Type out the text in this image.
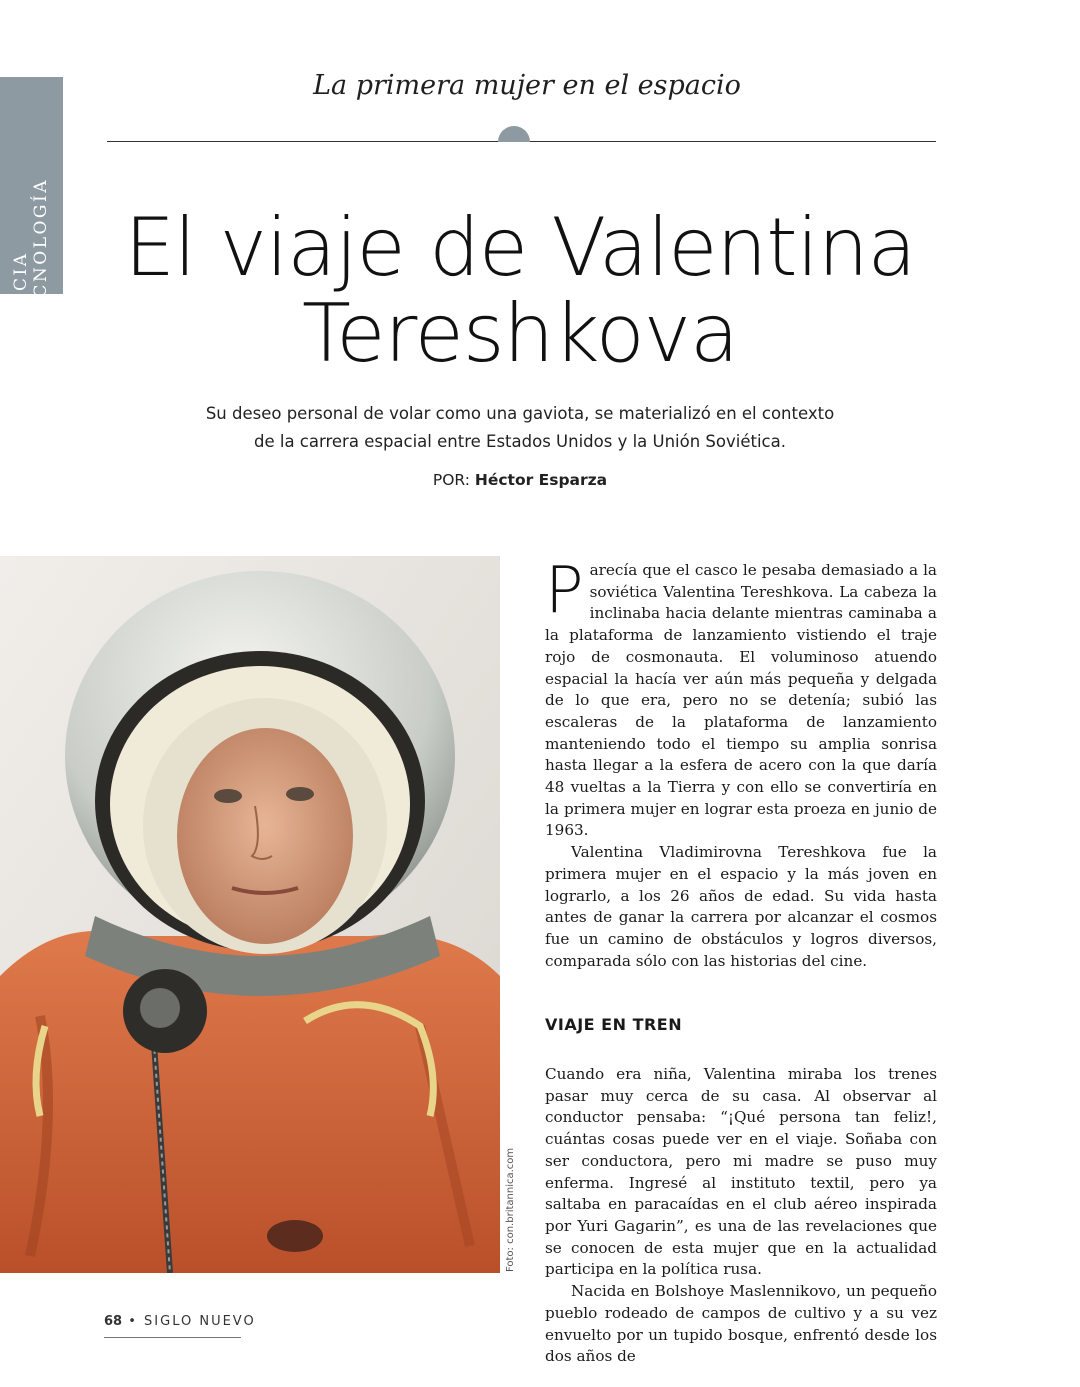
CIENCIA Y TECNOLOGÍA
La primera mujer en el espacio
El viaje de Valentina
Tereshkova
Su deseo personal de volar como una gaviota, se materializó en el contexto de la carrera espacial entre Estados Unidos y la Unión Soviética.
POR: Héctor Esparza
Foto: con.britannica.com

Parecía que el casco le pesaba demasiado a la soviética Valentina Tereshkova. La cabeza la inclinaba hacia delante mientras caminaba a la plataforma de lanzamiento vistiendo el traje rojo de cosmonauta. El voluminoso atuendo espacial la hacía ver aún más pequeña y delgada de lo que era, pero no se detenía; subió las escaleras de la plataforma de lanzamiento manteniendo todo el tiempo su amplia sonrisa hasta llegar a la esfera de acero con la que daría 48 vueltas a la Tierra y con ello se convertiría en la primera mujer en lograr esta proeza en junio de 1963.

Valentina Vladimirovna Tereshkova fue la primera mujer en el espacio y la más joven en lograrlo, a los 26 años de edad. Su vida hasta antes de ganar la carrera por alcanzar el cosmos fue un camino de obstáculos y logros diversos, comparada sólo con las historias del cine.

VIAJE EN TREN

Cuando era niña, Valentina miraba los trenes pasar muy cerca de su casa. Al observar al conductor pensaba: “¡Qué persona tan feliz!, cuántas cosas puede ver en el viaje. Soñaba con ser conductora, pero mi madre se puso muy enferma. Ingresé al instituto textil, pero ya saltaba en paracaídas en el club aéreo inspirada por Yuri Gagarin”, es una de las revelaciones que se conocen de esta mujer que en la actualidad participa en la política rusa.

Nacida en Bolshoye Maslennikovo, un pequeño pueblo rodeado de campos de cultivo y a su vez envuelto por un tupido bosque, enfrentó desde los dos años de

68 • SIGLO NUEVO
